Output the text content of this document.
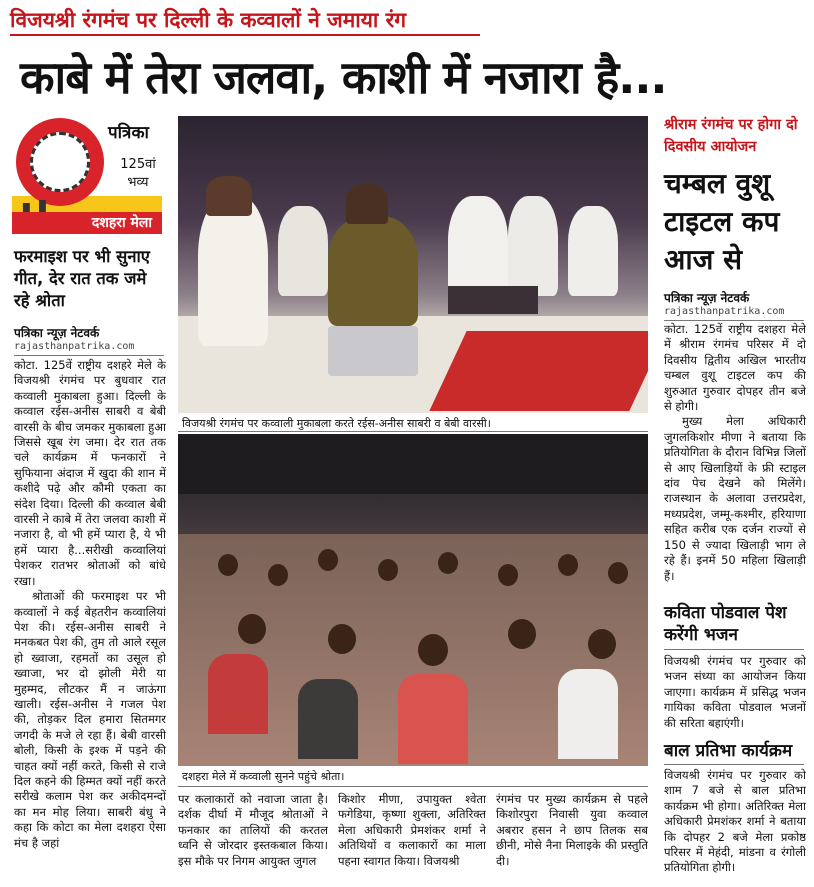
विजयश्री रंगमंच पर दिल्ली के कव्वालों ने जमाया रंग
काबे में तेरा जलवा, काशी में नजारा है...
पत्रिका
125वां
भव्य
दशहरा मेला
फरमाइश पर भी सुनाए गीत, देर रात तक जमे रहे श्रोता
पत्रिका न्यूज़ नेटवर्क
rajasthanpatrika.com

कोटा. 125वें राष्ट्रीय दशहरे मेले के विजयश्री रंगमंच पर बुधवार रात कव्वाली मुकाबला हुआ। दिल्ली के कव्वाल रईस-अनीस साबरी व बेबी वारसी के बीच जमकर मुकाबला हुआ जिससे खूब रंग जमा। देर रात तक चले कार्यक्रम में फनकारों ने सुफियाना अंदाज में खुदा की शान में कशीदे पढ़े और कौमी एकता का संदेश दिया। दिल्ली की कव्वाल बेबी वारसी ने काबे में तेरा जलवा काशी में नजारा है, वो भी हमें प्यारा है, ये भी हमें प्यारा है...सरीखी कव्वालियां पेशकर रातभर श्रोताओं को बांधे रखा।

श्रोताओं की फरमाइश पर भी कव्वालों ने कई बेहतरीन कव्वालियां पेश की। रईस-अनीस साबरी ने मनकबत पेश की, तुम तो आले रसूल हो ख्वाजा, रहमतों का उसूल हो ख्वाजा, भर दो झोली मेरी या मुहम्मद, लौटकर मैं न जाऊंगा खाली। रईस-अनीस ने गजल पेश की, तोड़कर दिल हमारा सितमगर जगदी के मजे ले रहा हैं। बेबी वारसी बोली, किसी के इश्क में पड़ने की चाहत क्यों नहीं करते, किसी से राजे दिल कहने की हिम्मत क्यों नहीं करते सरीखे कलाम पेश कर अकीदमन्दों का मन मोह लिया। साबरी बंधु ने कहा कि कोटा का मेला दशहरा ऐसा मंच है जहां

विजयश्री रंगमंच पर कव्वाली मुकाबला करते रईस-अनीस साबरी व बेबी वारसी।
दशहरा मेले में कव्वाली सुनने पहुंचे श्रोता।
पर कलाकारों को नवाजा जाता है। दर्शक दीर्घा में मौजूद श्रोताओं ने फनकार का तालियों की करतल ध्वनि से जोरदार इस्तकबाल किया। इस मौके पर निगम आयुक्त जुगल
किशोर मीणा, उपायुक्त श्वेता फगेडिया, कृष्णा शुक्ला, अतिरिक्त मेला अधिकारी प्रेमशंकर शर्मा ने अतिथियों व कलाकारों का माला पहना स्वागत किया। विजयश्री
रंगमंच पर मुख्य कार्यक्रम से पहले किशोरपुरा निवासी युवा कव्वाल अबरार हसन ने छाप तिलक सब छीनी, मोसे नैना मिलाइके की प्रस्तुति दी।
श्रीराम रंगमंच पर होगा दो दिवसीय आयोजन
चम्बल वुशू टाइटल कप आज से
पत्रिका न्यूज़ नेटवर्क
rajasthanpatrika.com

कोटा. 125वें राष्ट्रीय दशहरा मेले में श्रीराम रंगमंच परिसर में दो दिवसीय द्वितीय अखिल भारतीय चम्बल वुशू टाइटल कप की शुरुआत गुरुवार दोपहर तीन बजे से होगी।

मुख्य मेला अधिकारी जुगलकिशोर मीणा ने बताया कि प्रतियोगिता के दौरान विभिन्न जिलों से आए खिलाड़ियों के फ्री स्टाइल दांव पेच देखने को मिलेंगे। राजस्थान के अलावा उत्तरप्रदेश, मध्यप्रदेश, जम्मू-कश्मीर, हरियाणा सहित करीब एक दर्जन राज्यों से 150 से ज्यादा खिलाड़ी भाग ले रहे हैं। इनमें 50 महिला खिलाड़ी हैं।

कविता पोडवाल पेश करेंगी भजन
विजयश्री रंगमंच पर गुरुवार को भजन संध्या का आयोजन किया जाएगा। कार्यक्रम में प्रसिद्ध भजन गायिका कविता पोडवाल भजनों की सरिता बहाएंगी।
बाल प्रतिभा कार्यक्रम
विजयश्री रंगमंच पर गुरुवार को शाम 7 बजे से बाल प्रतिभा कार्यक्रम भी होगा। अतिरिक्त मेला अधिकारी प्रेमशंकर शर्मा ने बताया कि दोपहर 2 बजे मेला प्रकोष्ठ परिसर में मेहंदी, मांडना व रंगोली प्रतियोगिता होगी।
